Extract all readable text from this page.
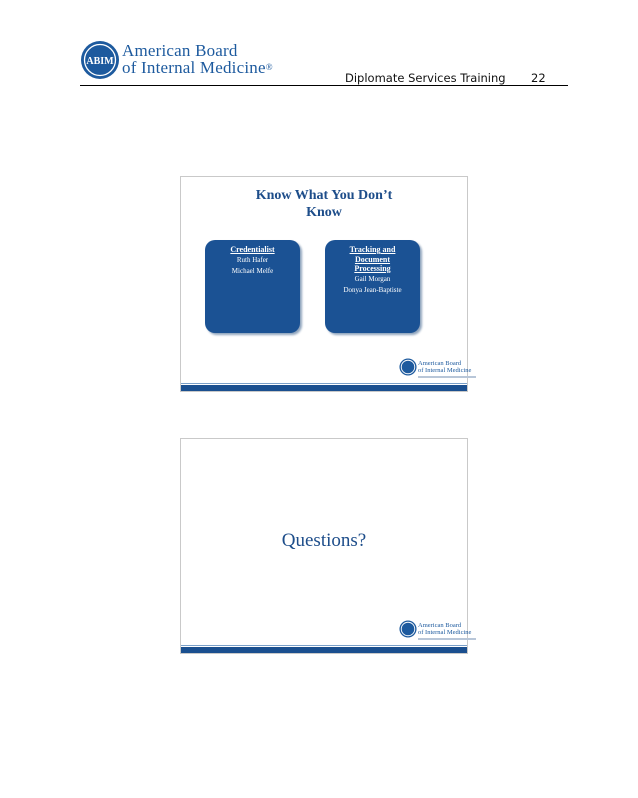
ABIM
American Board
of Internal Medicine®
Diplomate Services Training 22
Know What You Don’t
Know
Credentialist
Ruth Hafer
Michael Melfe
Tracking and
Document
Processing
Gail Morgan
Donya Jean-Baptiste
American Board
of Internal Medicine
Questions?
American Board
of Internal Medicine
